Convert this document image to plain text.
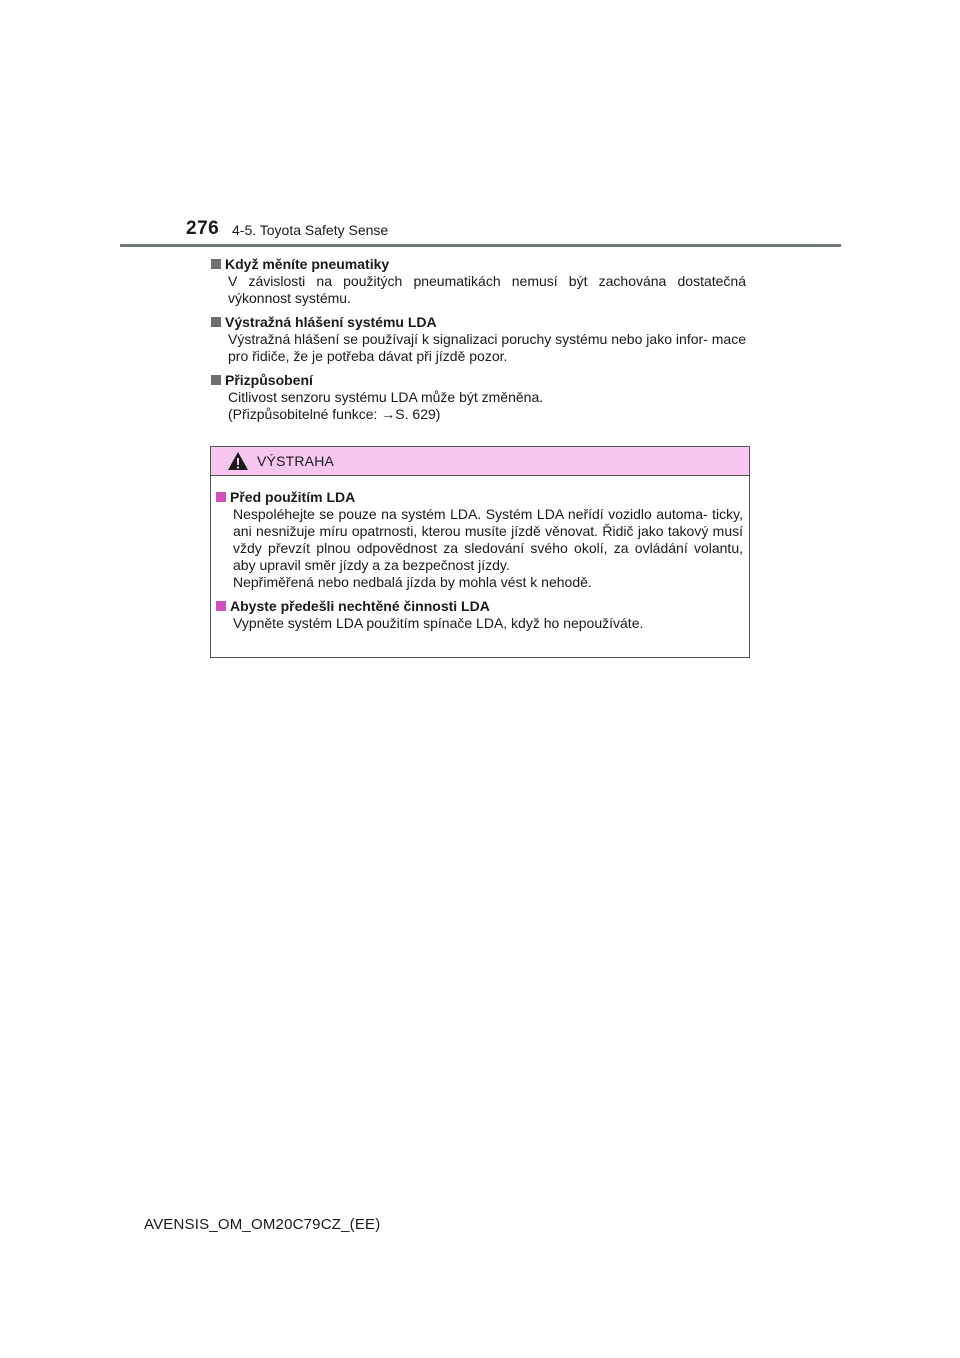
276 4-5. Toyota Safety Sense
Když měníte pneumatiky

V závislosti na použitých pneumatikách nemusí být zachována dostatečná výkonnost systému.

Výstražná hlášení systému LDA

Výstražná hlášení se používají k signalizaci poruchy systému nebo jako infor- mace pro řidiče, že je potřeba dávat při jízdě pozor.

Přizpůsobení

Citlivost senzoru systému LDA může být změněna.

(Přizpůsobitelné funkce: →S. 629)

VÝSTRAHA
Před použitím LDA

Nespoléhejte se pouze na systém LDA. Systém LDA neřídí vozidlo automa- ticky, ani nesnižuje míru opatrnosti, kterou musíte jízdě věnovat. Řidič jako takový musí vždy převzít plnou odpovědnost za sledování svého okolí, za ovládání volantu, aby upravil směr jízdy a za bezpečnost jízdy.

Nepřiměřená nebo nedbalá jízda by mohla vést k nehodě.

Abyste předešli nechtěné činnosti LDA

Vypněte systém LDA použitím spínače LDA, když ho nepoužíváte.

AVENSIS_OM_OM20C79CZ_(EE)
